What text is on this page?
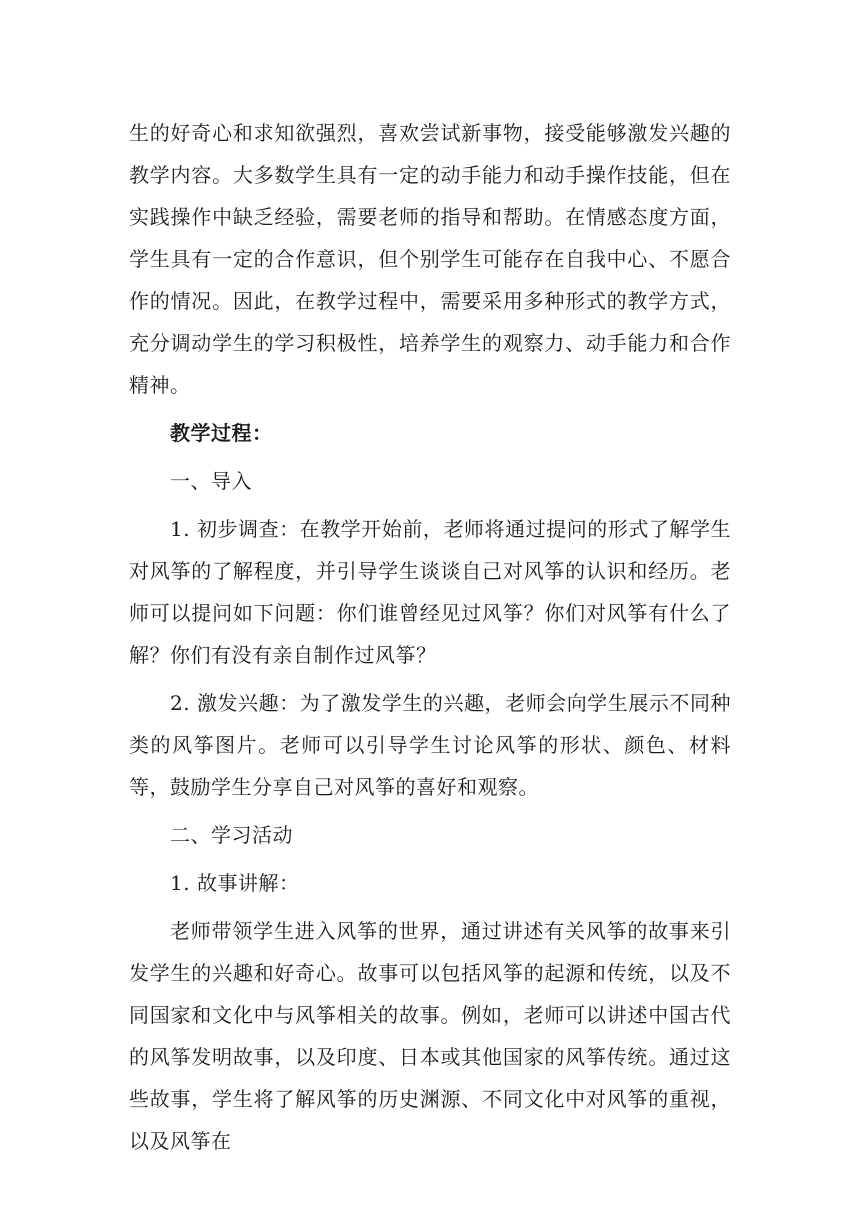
生的好奇心和求知欲强烈，喜欢尝试新事物，接受能够激发兴趣的教学内容。大多数学生具有一定的动手能力和动手操作技能，但在实践操作中缺乏经验，需要老师的指导和帮助。在情感态度方面，学生具有一定的合作意识，但个别学生可能存在自我中心、不愿合作的情况。因此，在教学过程中，需要采用多种形式的教学方式，充分调动学生的学习积极性，培养学生的观察力、动手能力和合作精神。

教学过程：

一、导入

1. 初步调查：在教学开始前，老师将通过提问的形式了解学生对风筝的了解程度，并引导学生谈谈自己对风筝的认识和经历。老师可以提问如下问题：你们谁曾经见过风筝？你们对风筝有什么了解？你们有没有亲自制作过风筝？

2. 激发兴趣：为了激发学生的兴趣，老师会向学生展示不同种类的风筝图片。老师可以引导学生讨论风筝的形状、颜色、材料等，鼓励学生分享自己对风筝的喜好和观察。

二、学习活动

1. 故事讲解：

老师带领学生进入风筝的世界，通过讲述有关风筝的故事来引发学生的兴趣和好奇心。故事可以包括风筝的起源和传统，以及不同国家和文化中与风筝相关的故事。例如，老师可以讲述中国古代的风筝发明故事，以及印度、日本或其他国家的风筝传统。通过这些故事，学生将了解风筝的历史渊源、不同文化中对风筝的重视，以及风筝在
